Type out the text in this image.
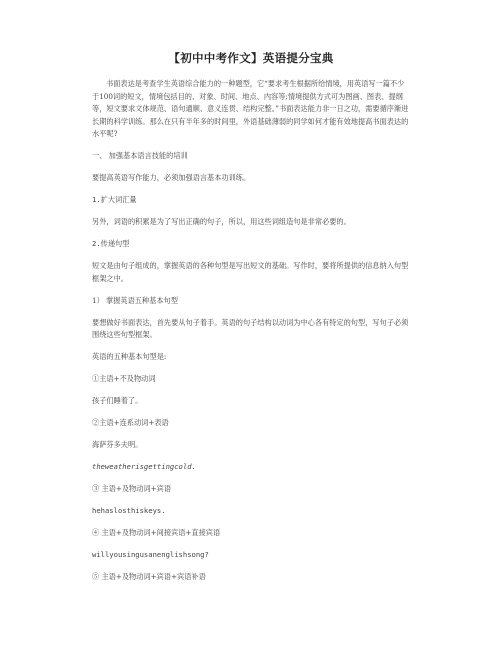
【初中中考作文】英语提分宝典

书面表达是考查学生英语综合能力的一种题型，它“要求考生根据所给情境，用英语写一篇不少于100词的短文，情境包括目的、对象、时间、地点、内容等;情境提供方式可为图画、图表、提纲等，短文要求文体规范、语句通顺、意义连贯、结构完整。”书面表达能力非一日之功，需要循序渐进长期的科学训练。那么在只有半年多的时间里，外语基础薄弱的同学如何才能有效地提高书面表达的水平呢?

一、 加强基本语言技能的培训

要提高英语写作能力，必须加强语言基本功训练。

1.扩大词汇量

另外，词语的积累是为了写出正确的句子，所以，用这些词组造句是非常必要的。

2.传递句型

短文是由句子组成的，掌握英语的各种句型是写出短文的基础。写作时，要将所提供的信息纳入句型框架之中。

1） 掌握英语五种基本句型

要想做好书面表达，首先要从句子着手。英语的句子结构以动词为中心各有特定的句型，写句子必须围绕这些句型框架。

英语的五种基本句型是:

①主语+不及物动词

孩子们睡着了。

②主语+连系动词+表语

海萨芬多夫明。

theweatherisgettingcold.

③ 主语+及物动词+宾语

hehaslosthiskeys.

④ 主语+及物动词+间接宾语+直接宾语

willyousingusanenglishsong?

⑤ 主语+及物动词+宾语+宾语补语
